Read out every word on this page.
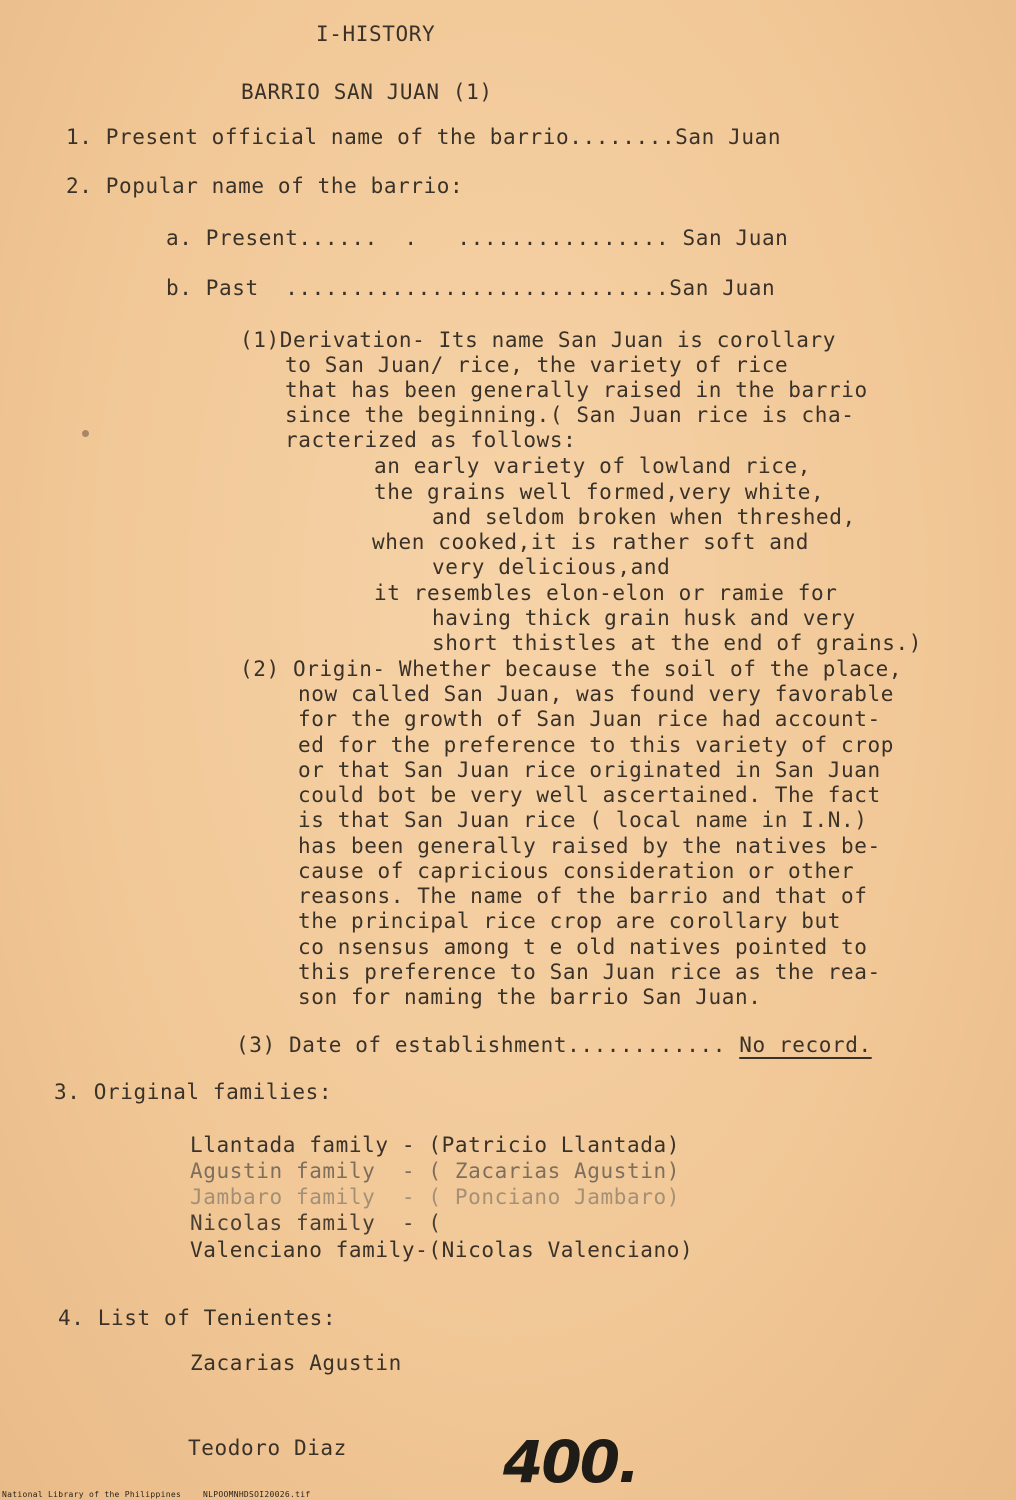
I-HISTORY
BARRIO SAN JUAN (1)
1. Present official name of the barrio........San Juan
2. Popular name of the barrio:
a. Present......  .   ................ San Juan
b. Past  .............................San Juan
(1)Derivation- Its name San Juan is corollary
to San Juan/ rice, the variety of rice
that has been generally raised in the barrio
since the beginning.( San Juan rice is cha-
racterized as follows:
an early variety of lowland rice,
the grains well formed,very white,
and seldom broken when threshed,
when cooked,it is rather soft and
very delicious,and
it resembles elon-elon or ramie for
having thick grain husk and very
short thistles at the end of grains.)
(2) Origin- Whether because the soil of the place,
now called San Juan, was found very favorable
for the growth of San Juan rice had account-
ed for the preference to this variety of crop
or that San Juan rice originated in San Juan
could bot be very well ascertained. The fact
is that San Juan rice ( local name in I.N.)
has been generally raised by the natives be-
cause of capricious consideration or other
reasons. The name of the barrio and that of
the principal rice crop are corollary but
co nsensus among t e old natives pointed to
this preference to San Juan rice as the rea-
son for naming the barrio San Juan.
(3) Date of establishment............ No record.
3. Original families:
Llantada family - (Patricio Llantada)
Agustin family  - ( Zacarias Agustin)
Jambaro family  - ( Ponciano Jambaro)
Nicolas family  - (
Valenciano family-(Nicolas Valenciano)
4. List of Tenientes:
Zacarias Agustin
Teodoro Diaz	400.
National Library of the Philippines	NLPOOMNHDSOI20026.tif
